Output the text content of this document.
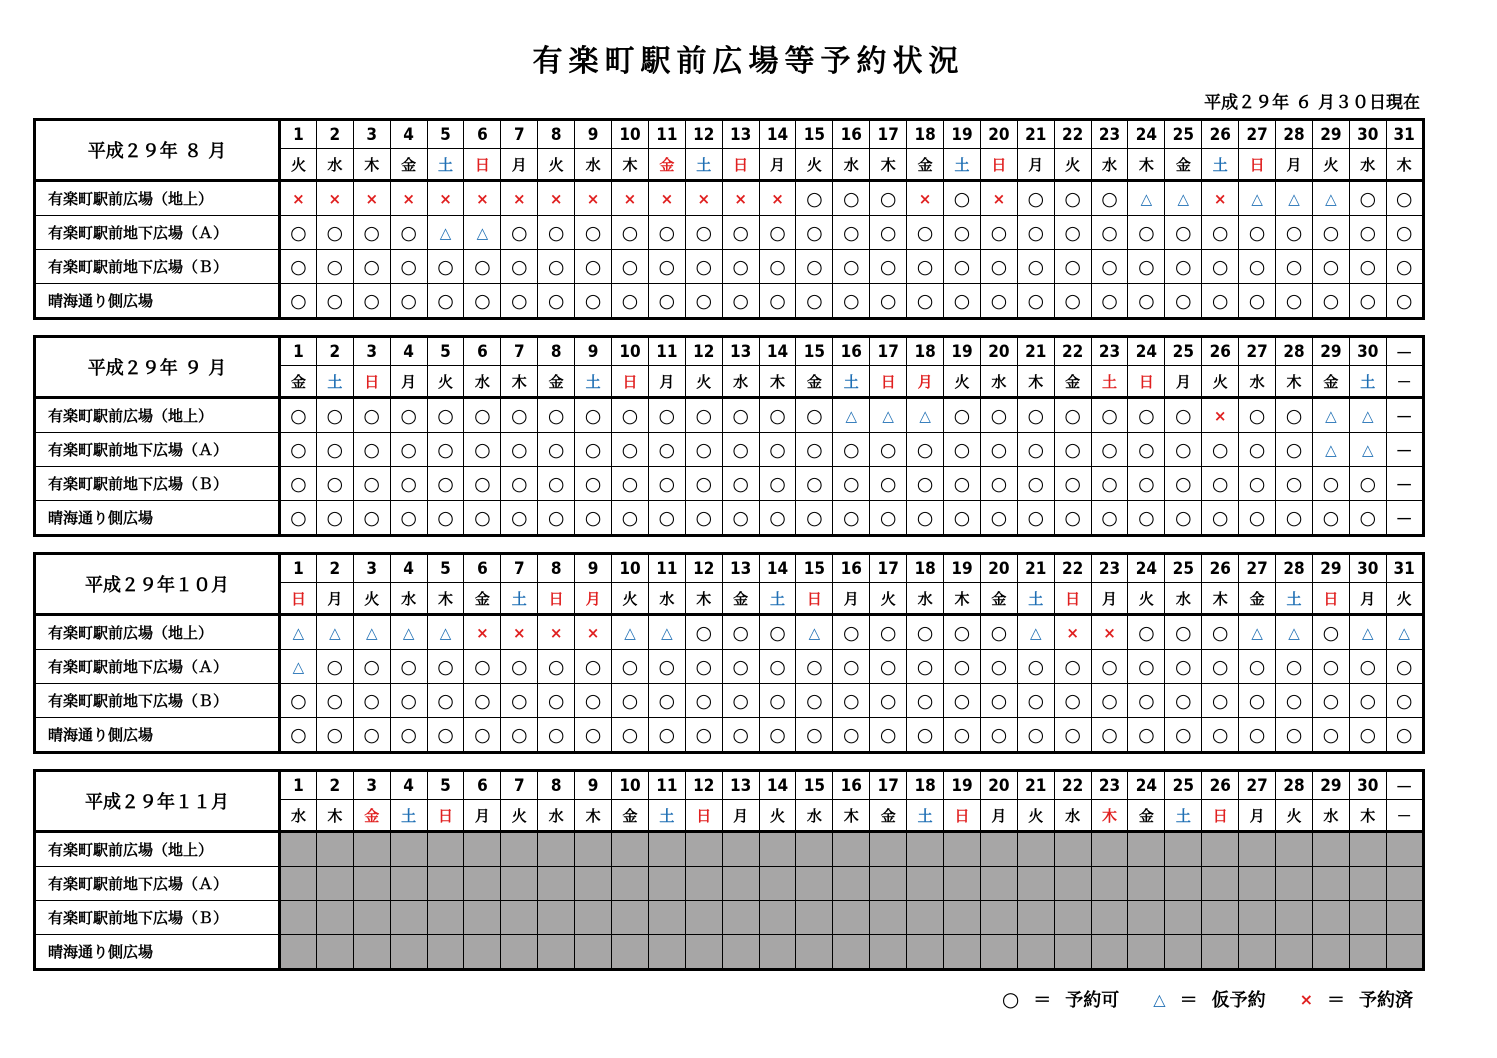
有楽町駅前広場等予約状況
平成２９年 ６ 月３０日現在
平成２９年 ８ 月	1	2	3	4	5	6	7	8	9	10	11	12	13	14	15	16	17	18	19	20	21	22	23	24	25	26	27	28	29	30	31
	火	水	木	金	土	日	月	火	水	木	金	土	日	月	火	水	木	金	土	日	月	火	水	木	金	土	日	月	火	水	木
有楽町駅前広場（地上）	×	×	×	×	×	×	×	×	×	×	×	×	×	×	○	○	○	×	○	×	○	○	○	△	△	×	△	△	△	○	○
有楽町駅前地下広場（Ａ）	○	○	○	○	△	△	○	○	○	○	○	○	○	○	○	○	○	○	○	○	○	○	○	○	○	○	○	○	○	○	○
有楽町駅前地下広場（Ｂ）	○	○	○	○	○	○	○	○	○	○	○	○	○	○	○	○	○	○	○	○	○	○	○	○	○	○	○	○	○	○	○
晴海通り側広場	○	○	○	○	○	○	○	○	○	○	○	○	○	○	○	○	○	○	○	○	○	○	○	○	○	○	○	○	○	○	○
平成２９年 ９ 月	1	2	3	4	5	6	7	8	9	10	11	12	13	14	15	16	17	18	19	20	21	22	23	24	25	26	27	28	29	30	－
	金	土	日	月	火	水	木	金	土	日	月	火	水	木	金	土	日	月	火	水	木	金	土	日	月	火	水	木	金	土	－
有楽町駅前広場（地上）	○	○	○	○	○	○	○	○	○	○	○	○	○	○	○	△	△	△	○	○	○	○	○	○	○	×	○	○	△	△	－
有楽町駅前地下広場（Ａ）	○	○	○	○	○	○	○	○	○	○	○	○	○	○	○	○	○	○	○	○	○	○	○	○	○	○	○	○	△	△	－
有楽町駅前地下広場（Ｂ）	○	○	○	○	○	○	○	○	○	○	○	○	○	○	○	○	○	○	○	○	○	○	○	○	○	○	○	○	○	○	－
晴海通り側広場	○	○	○	○	○	○	○	○	○	○	○	○	○	○	○	○	○	○	○	○	○	○	○	○	○	○	○	○	○	○	－
平成２９年１０月	1	2	3	4	5	6	7	8	9	10	11	12	13	14	15	16	17	18	19	20	21	22	23	24	25	26	27	28	29	30	31
	日	月	火	水	木	金	土	日	月	火	水	木	金	土	日	月	火	水	木	金	土	日	月	火	水	木	金	土	日	月	火
有楽町駅前広場（地上）	△	△	△	△	△	×	×	×	×	△	△	○	○	○	△	○	○	○	○	○	△	×	×	○	○	○	△	△	○	△	△
有楽町駅前地下広場（Ａ）	△	○	○	○	○	○	○	○	○	○	○	○	○	○	○	○	○	○	○	○	○	○	○	○	○	○	○	○	○	○	○
有楽町駅前地下広場（Ｂ）	○	○	○	○	○	○	○	○	○	○	○	○	○	○	○	○	○	○	○	○	○	○	○	○	○	○	○	○	○	○	○
晴海通り側広場	○	○	○	○	○	○	○	○	○	○	○	○	○	○	○	○	○	○	○	○	○	○	○	○	○	○	○	○	○	○	○
平成２９年１１月	1	2	3	4	5	6	7	8	9	10	11	12	13	14	15	16	17	18	19	20	21	22	23	24	25	26	27	28	29	30	－
	水	木	金	土	日	月	火	水	木	金	土	日	月	火	水	木	金	土	日	月	火	水	木	金	土	日	月	火	水	木	－
有楽町駅前広場（地上）																															
有楽町駅前地下広場（Ａ）																															
有楽町駅前地下広場（Ｂ）																															
晴海通り側広場																															
○ ＝ 予約可 △ ＝ 仮予約 × ＝ 予約済
